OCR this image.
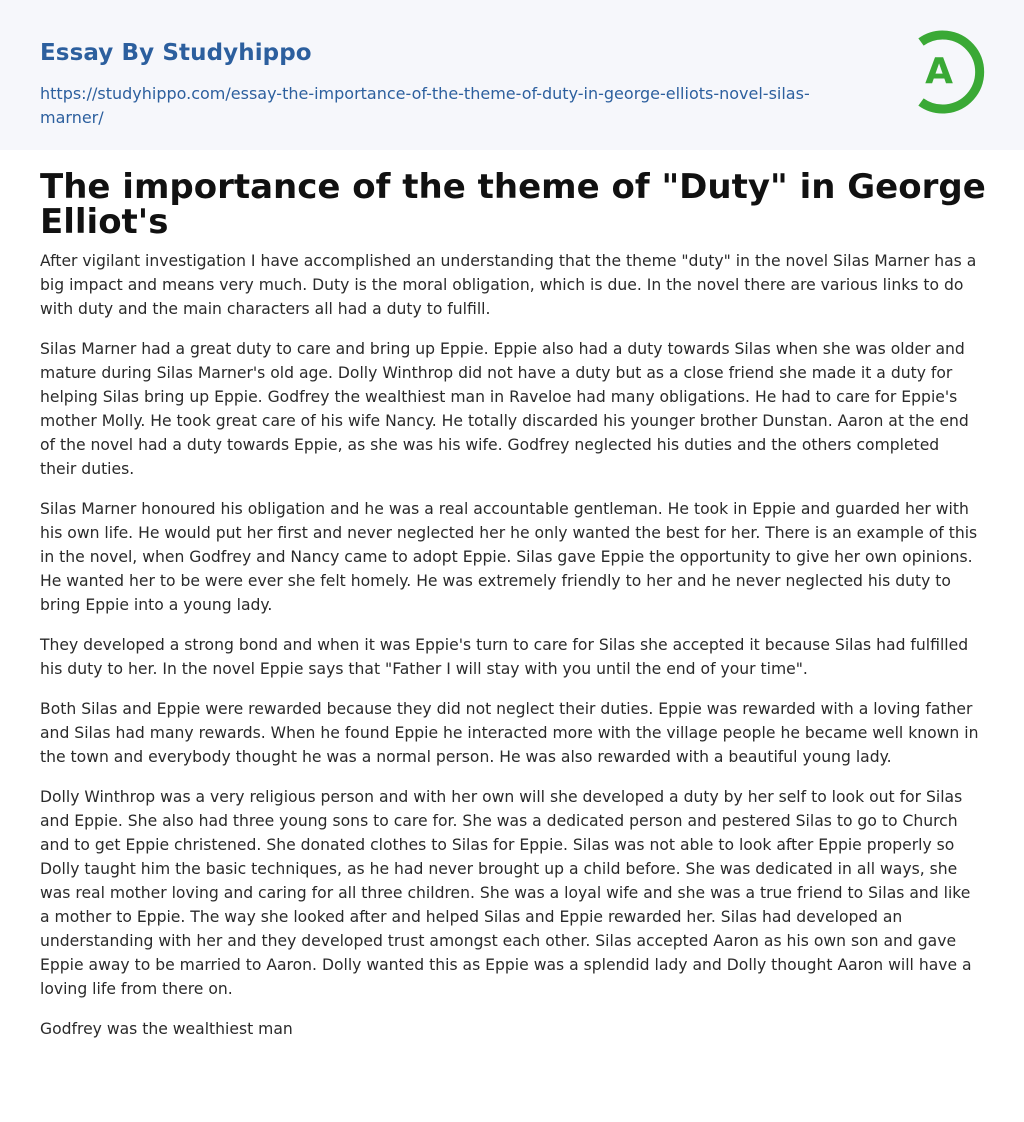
Essay By Studyhippo
https://studyhippo.com/essay-the-importance-of-the-theme-of-duty-in-george-elliots-novel-silas-marner/
A
The importance of the theme of "Duty" in George Elliot's

After vigilant investigation I have accomplished an understanding that the theme "duty" in the novel Silas Marner has a big impact and means very much. Duty is the moral obligation, which is due. In the novel there are various links to do with duty and the main characters all had a duty to fulfill.

Silas Marner had a great duty to care and bring up Eppie. Eppie also had a duty towards Silas when she was older and mature during Silas Marner's old age. Dolly Winthrop did not have a duty but as a close friend she made it a duty for helping Silas bring up Eppie. Godfrey the wealthiest man in Raveloe had many obligations. He had to care for Eppie's mother Molly. He took great care of his wife Nancy. He totally discarded his younger brother Dunstan. Aaron at the end of the novel had a duty towards Eppie, as she was his wife. Godfrey neglected his duties and the others completed their duties.

Silas Marner honoured his obligation and he was a real accountable gentleman. He took in Eppie and guarded her with his own life. He would put her first and never neglected her he only wanted the best for her. There is an example of this in the novel, when Godfrey and Nancy came to adopt Eppie. Silas gave Eppie the opportunity to give her own opinions. He wanted her to be were ever she felt homely. He was extremely friendly to her and he never neglected his duty to bring Eppie into a young lady.

They developed a strong bond and when it was Eppie's turn to care for Silas she accepted it because Silas had fulfilled his duty to her. In the novel Eppie says that "Father I will stay with you until the end of your time".

Both Silas and Eppie were rewarded because they did not neglect their duties. Eppie was rewarded with a loving father and Silas had many rewards. When he found Eppie he interacted more with the village people he became well known in the town and everybody thought he was a normal person. He was also rewarded with a beautiful young lady.

Dolly Winthrop was a very religious person and with her own will she developed a duty by her self to look out for Silas and Eppie. She also had three young sons to care for. She was a dedicated person and pestered Silas to go to Church and to get Eppie christened. She donated clothes to Silas for Eppie. Silas was not able to look after Eppie properly so Dolly taught him the basic techniques, as he had never brought up a child before. She was dedicated in all ways, she was real mother loving and caring for all three children. She was a loyal wife and she was a true friend to Silas and like a mother to Eppie. The way she looked after and helped Silas and Eppie rewarded her. Silas had developed an understanding with her and they developed trust amongst each other. Silas accepted Aaron as his own son and gave Eppie away to be married to Aaron. Dolly wanted this as Eppie was a splendid lady and Dolly thought Aaron will have a loving life from there on.

Godfrey was the wealthiest man
